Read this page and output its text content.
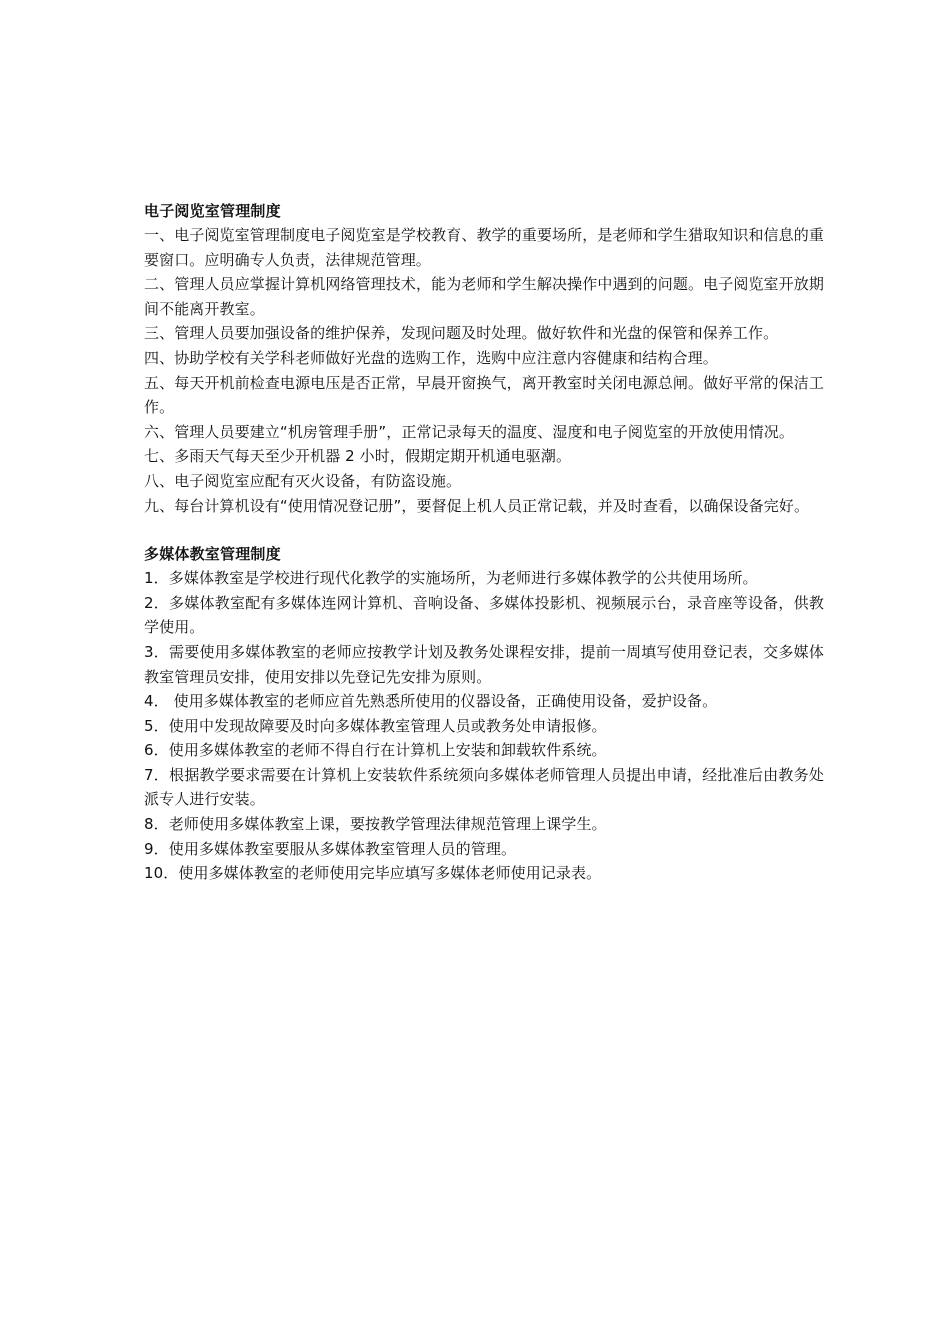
电子阅览室管理制度

一、电子阅览室管理制度电子阅览室是学校教育、教学的重要场所，是老师和学生猎取知识和信息的重要窗口。应明确专人负责，法律规范管理。

二、管理人员应掌握计算机网络管理技术，能为老师和学生解决操作中遇到的问题。电子阅览室开放期间不能离开教室。

三、管理人员要加强设备的维护保养，发现问题及时处理。做好软件和光盘的保管和保养工作。

四、协助学校有关学科老师做好光盘的选购工作，选购中应注意内容健康和结构合理。

五、每天开机前检查电源电压是否正常，早晨开窗换气，离开教室时关闭电源总闸。做好平常的保洁工作。

六、管理人员要建立“机房管理手册”，正常记录每天的温度、湿度和电子阅览室的开放使用情况。

七、多雨天气每天至少开机器 2 小时，假期定期开机通电驱潮。

八、电子阅览室应配有灭火设备，有防盗设施。

九、每台计算机设有“使用情况登记册”，要督促上机人员正常记载，并及时查看，以确保设备完好。

多媒体教室管理制度

1．多媒体教室是学校进行现代化教学的实施场所，为老师进行多媒体教学的公共使用场所。

2．多媒体教室配有多媒体连网计算机、音响设备、多媒体投影机、视频展示台，录音座等设备，供教学使用。

3．需要使用多媒体教室的老师应按教学计划及教务处课程安排，提前一周填写使用登记表，交多媒体教室管理员安排，使用安排以先登记先安排为原则。

4． 使用多媒体教室的老师应首先熟悉所使用的仪器设备，正确使用设备，爱护设备。

5．使用中发现故障要及时向多媒体教室管理人员或教务处申请报修。

6．使用多媒体教室的老师不得自行在计算机上安装和卸载软件系统。

7．根据教学要求需要在计算机上安装软件系统须向多媒体老师管理人员提出申请，经批准后由教务处派专人进行安装。

8．老师使用多媒体教室上课，要按教学管理法律规范管理上课学生。

9．使用多媒体教室要服从多媒体教室管理人员的管理。

10．使用多媒体教室的老师使用完毕应填写多媒体老师使用记录表。
